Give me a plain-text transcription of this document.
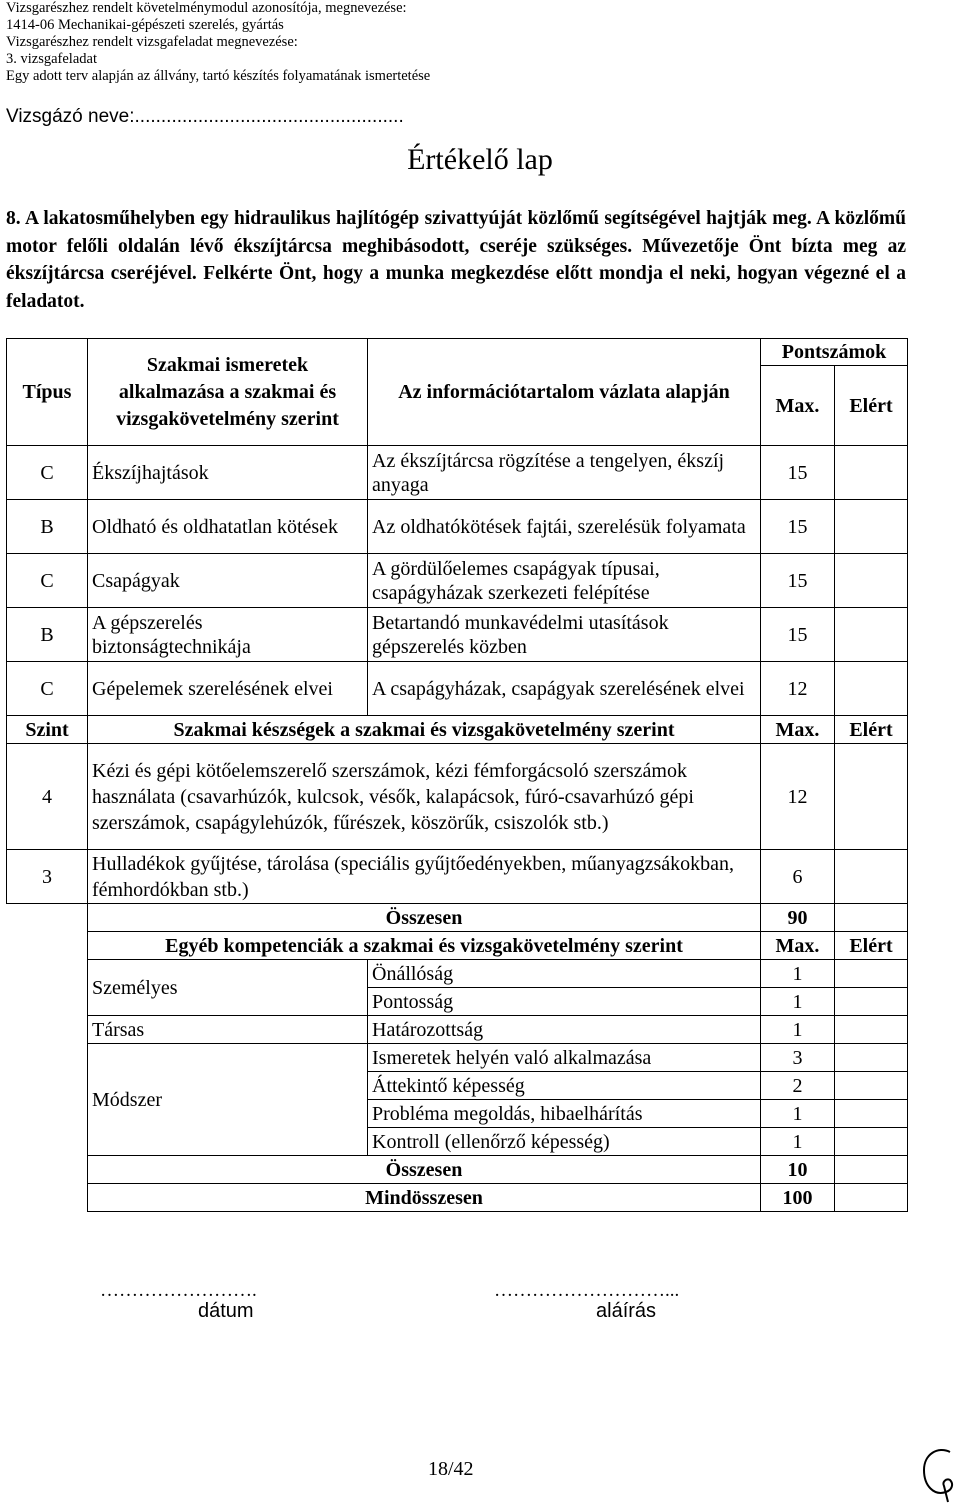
Vizsgarészhez rendelt követelménymodul azonosítója, megnevezése:
1414-06 Mechanikai-gépészeti szerelés, gyártás
Vizsgarészhez rendelt vizsgafeladat megnevezése:
3. vizsgafeladat
Egy adott terv alapján az állvány, tartó készítés folyamatának ismertetése
Vizsgázó neve:...................................................
Értékelő lap
8. A lakatosműhelyben egy hidraulikus hajlítógép szivattyúját közlőmű segítségével hajtják meg. A közlőmű motor felőli oldalán lévő ékszíjtárcsa meghibásodott, cseréje szükséges. Művezetője Önt bízta meg az ékszíjtárcsa cseréjével. Felkérte Önt, hogy a munka megkezdése előtt mondja el neki, hogyan végezné el a feladatot.
Típus	Szakmai ismeretek alkalmazása a szakmai és vizsgakövetelmény szerint	Az információtartalom vázlata alapján	Pontszámok	
			Max.	Elért
C	Ékszíjhajtások	Az ékszíjtárcsa rögzítése a tengelyen, ékszíj anyaga	15	
B	Oldható és oldhatatlan kötések	Az oldhatókötések fajtái, szerelésük folyamata	15	
C	Csapágyak	A gördülőelemes csapágyak típusai, csapágyházak szerkezeti felépítése	15	
B	A gépszerelés biztonságtechnikája	Betartandó munkavédelmi utasítások gépszerelés közben	15	
C	Gépelemek szerelésének elvei	A csapágyházak, csapágyak szerelésének elvei	12	
Szint	Szakmai készségek a szakmai és vizsgakövetelmény szerint		Max.	Elért
4	Kézi és gépi kötőelemszerelő szerszámok, kézi fémforgácsoló szerszámok használata (csavarhúzók, kulcsok, vésők, kalapácsok, fúró-csavarhúzó gépi szerszámok, csapágylehúzók, fűrészek, köszörűk, csiszolók stb.)		12	
3	Hulladékok gyűjtése, tárolása (speciális gyűjtőedényekben, műanyagzsákokban, fémhordókban stb.)		6	
	Összesen		90	
	Egyéb kompetenciák a szakmai és vizsgakövetelmény szerint		Max.	Elért
	Személyes	Önállóság	1	
		Pontosság	1	
	Társas	Határozottság	1	
	Módszer	Ismeretek helyén való alkalmazása	3	
		Áttekintő képesség	2	
		Probléma megoldás, hibaelhárítás	1	
		Kontroll (ellenőrző képesség)	1	
	Összesen		10	
	Mindösszesen		100	
…………………….	………………………...
dátum	aláírás
18/42
